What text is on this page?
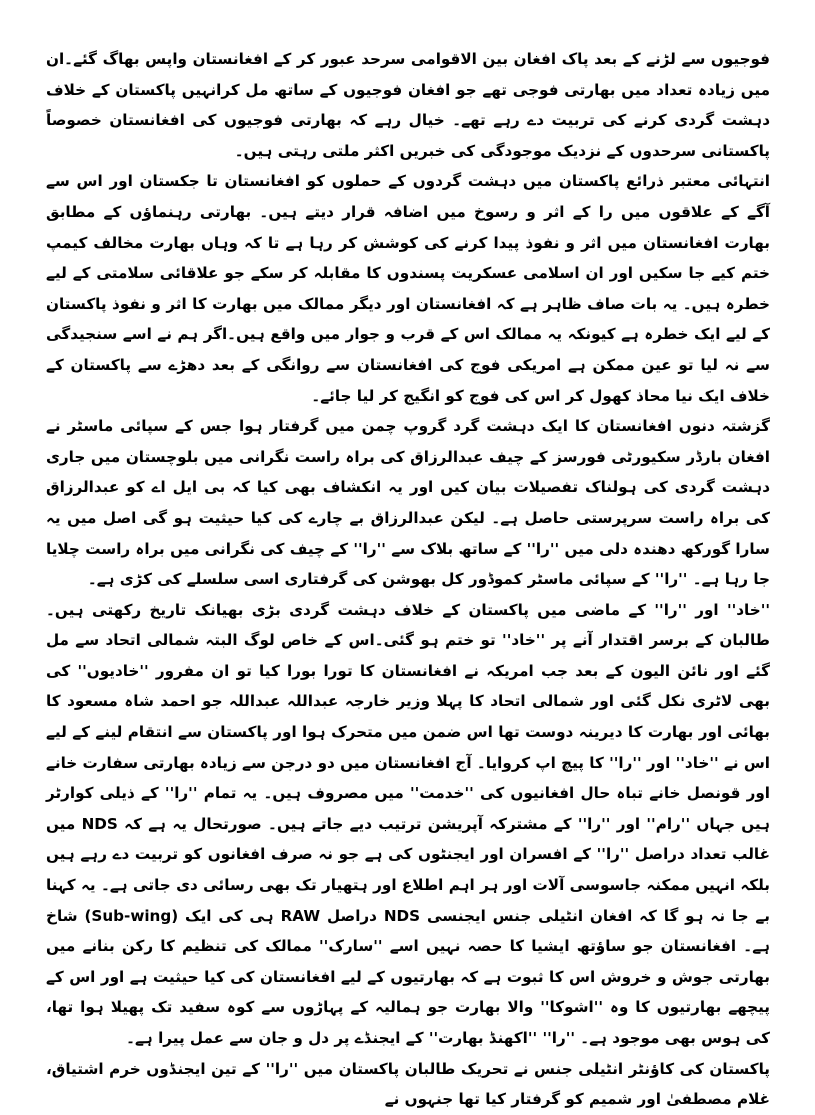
فوجیوں سے لڑنے کے بعد پاک افغان بین الاقوامی سرحد عبور کر کے افغانستان واپس بھاگ گئے۔ان میں زیادہ تعداد میں بھارتی فوجی تھے جو افغان فوجیوں کے ساتھ مل کرانہیں پاکستان کے خلاف دہشت گردی کرنے کی تربیت دے رہے تھے۔ خیال رہے کہ بھارتی فوجیوں کی افغانستان خصوصاً پاکستانی سرحدوں کے نزدیک موجودگی کی خبریں اکثر ملتی رہتی ہیں۔

انتہائی معتبر ذرائع پاکستان میں دہشت گردوں کے حملوں کو افغانستان تا جکستان اور اس سے آگے کے علاقوں میں را کے اثر و رسوخ میں اضافہ قرار دیتے ہیں۔ بھارتی رہنماؤں کے مطابق بھارت افغانستان میں اثر و نفوذ پیدا کرنے کی کوشش کر رہا ہے تا کہ وہاں بھارت مخالف کیمپ ختم کیے جا سکیں اور ان اسلامی عسکریت پسندوں کا مقابلہ کر سکے جو علاقائی سلامتی کے لیے خطرہ ہیں۔ یہ بات صاف ظاہر ہے کہ افغانستان اور دیگر ممالک میں بھارت کا اثر و نفوذ پاکستان کے لیے ایک خطرہ ہے کیونکہ یہ ممالک اس کے قرب و جوار میں واقع ہیں۔اگر ہم نے اسے سنجیدگی سے نہ لیا تو عین ممکن ہے امریکی فوج کی افغانستان سے روانگی کے بعد دھڑے سے پاکستان کے خلاف ایک نیا محاذ کھول کر اس کی فوج کو انگیج کر لیا جائے۔

گزشتہ دنوں افغانستان کا ایک دہشت گرد گروپ چمن میں گرفتار ہوا جس کے سپائی ماسٹر نے افغان بارڈر سکیورٹی فورسز کے چیف عبدالرزاق کی براہ راست نگرانی میں بلوچستان میں جاری دہشت گردی کی ہولناک تفصیلات بیان کیں اور یہ انکشاف بھی کیا کہ بی ایل اے کو عبدالرزاق کی براہ راست سرپرستی حاصل ہے۔ لیکن عبدالرزاق بے چارے کی کیا حیثیت ہو گی اصل میں یہ سارا گورکھ دھندہ دلی میں ''را'' کے ساتھ بلاک سے ''را'' کے چیف کی نگرانی میں براہ راست چلایا جا رہا ہے۔ ''را'' کے سپائی ماسٹر کموڈور کل بھوشن کی گرفتاری اسی سلسلے کی کڑی ہے۔

''خاد'' اور ''را'' کے ماضی میں پاکستان کے خلاف دہشت گردی بڑی بھیانک تاریخ رکھتی ہیں۔ طالبان کے برسر اقتدار آنے پر ''خاد'' تو ختم ہو گئی۔اس کے خاص لوگ البتہ شمالی اتحاد سے مل گئے اور نائن الیون کے بعد جب امریکہ نے افغانستان کا تورا بورا کیا تو ان مفرور ''خادیوں'' کی بھی لاٹری نکل گئی اور شمالی اتحاد کا پہلا وزیر خارجہ عبداللہ عبداللہ جو احمد شاہ مسعود کا بھائی اور بھارت کا دیرینہ دوست تھا اس ضمن میں متحرک ہوا اور پاکستان سے انتقام لینے کے لیے اس نے ''خاد'' اور ''را'' کا پیچ اپ کروایا۔ آج افغانستان میں دو درجن سے زیادہ بھارتی سفارت خانے اور قونصل خانے تباہ حال افغانیوں کی ''خدمت'' میں مصروف ہیں۔ یہ تمام ''را'' کے ذیلی کوارٹر ہیں جہاں ''رام'' اور ''را'' کے مشترکہ آپریشن ترتیب دیے جاتے ہیں۔ صورتحال یہ ہے کہ NDS میں غالب تعداد دراصل ''را'' کے افسران اور ایجنٹوں کی ہے جو نہ صرف افغانوں کو تربیت دے رہے ہیں بلکہ انہیں ممکنہ جاسوسی آلات اور ہر اہم اطلاع اور ہتھیار تک بھی رسائی دی جاتی ہے۔ یہ کہنا بے جا نہ ہو گا کہ افغان انٹیلی جنس ایجنسی NDS دراصل RAW ہی کی ایک (Sub-wing) شاخ ہے۔ افغانستان جو ساؤتھ ایشیا کا حصہ نہیں اسے ''سارک'' ممالک کی تنظیم کا رکن بنانے میں بھارتی جوش و خروش اس کا ثبوت ہے کہ بھارتیوں کے لیے افغانستان کی کیا حیثیت ہے اور اس کے پیچھے بھارتیوں کا وہ ''اشوکا'' والا بھارت جو ہمالیہ کے پہاڑوں سے کوہ سفید تک پھیلا ہوا تھا، کی ہوس بھی موجود ہے۔ ''را'' ''اکھنڈ بھارت'' کے ایجنڈے پر دل و جان سے عمل پیرا ہے۔

پاکستان کی کاؤنٹر انٹیلی جنس نے تحریک طالبان پاکستان میں ''را'' کے تین ایجنڈوں خرم اشتیاق، غلام مصطفیٰ اور شمیم کو گرفتار کیا تھا جنہوں نے
